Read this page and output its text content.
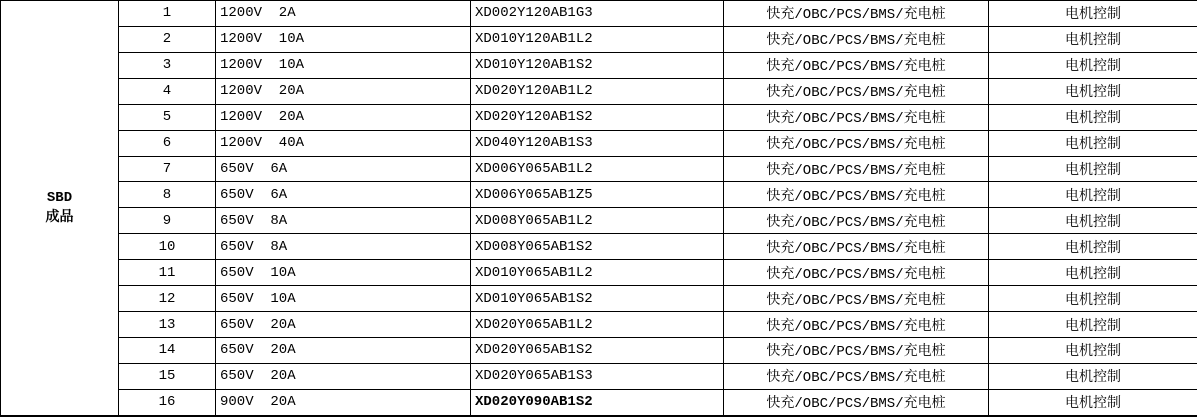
SBD
成品	1	1200V  2A	XD002Y120AB1G3	快充/OBC/PCS/BMS/充电桩	电机控制
	2	1200V  10A	XD010Y120AB1L2	快充/OBC/PCS/BMS/充电桩	电机控制
	3	1200V  10A	XD010Y120AB1S2	快充/OBC/PCS/BMS/充电桩	电机控制
	4	1200V  20A	XD020Y120AB1L2	快充/OBC/PCS/BMS/充电桩	电机控制
	5	1200V  20A	XD020Y120AB1S2	快充/OBC/PCS/BMS/充电桩	电机控制
	6	1200V  40A	XD040Y120AB1S3	快充/OBC/PCS/BMS/充电桩	电机控制
	7	650V  6A	XD006Y065AB1L2	快充/OBC/PCS/BMS/充电桩	电机控制
	8	650V  6A	XD006Y065AB1Z5	快充/OBC/PCS/BMS/充电桩	电机控制
	9	650V  8A	XD008Y065AB1L2	快充/OBC/PCS/BMS/充电桩	电机控制
	10	650V  8A	XD008Y065AB1S2	快充/OBC/PCS/BMS/充电桩	电机控制
	11	650V  10A	XD010Y065AB1L2	快充/OBC/PCS/BMS/充电桩	电机控制
	12	650V  10A	XD010Y065AB1S2	快充/OBC/PCS/BMS/充电桩	电机控制
	13	650V  20A	XD020Y065AB1L2	快充/OBC/PCS/BMS/充电桩	电机控制
	14	650V  20A	XD020Y065AB1S2	快充/OBC/PCS/BMS/充电桩	电机控制
	15	650V  20A	XD020Y065AB1S3	快充/OBC/PCS/BMS/充电桩	电机控制
	16	900V  20A	XD020Y090AB1S2	快充/OBC/PCS/BMS/充电桩	电机控制
